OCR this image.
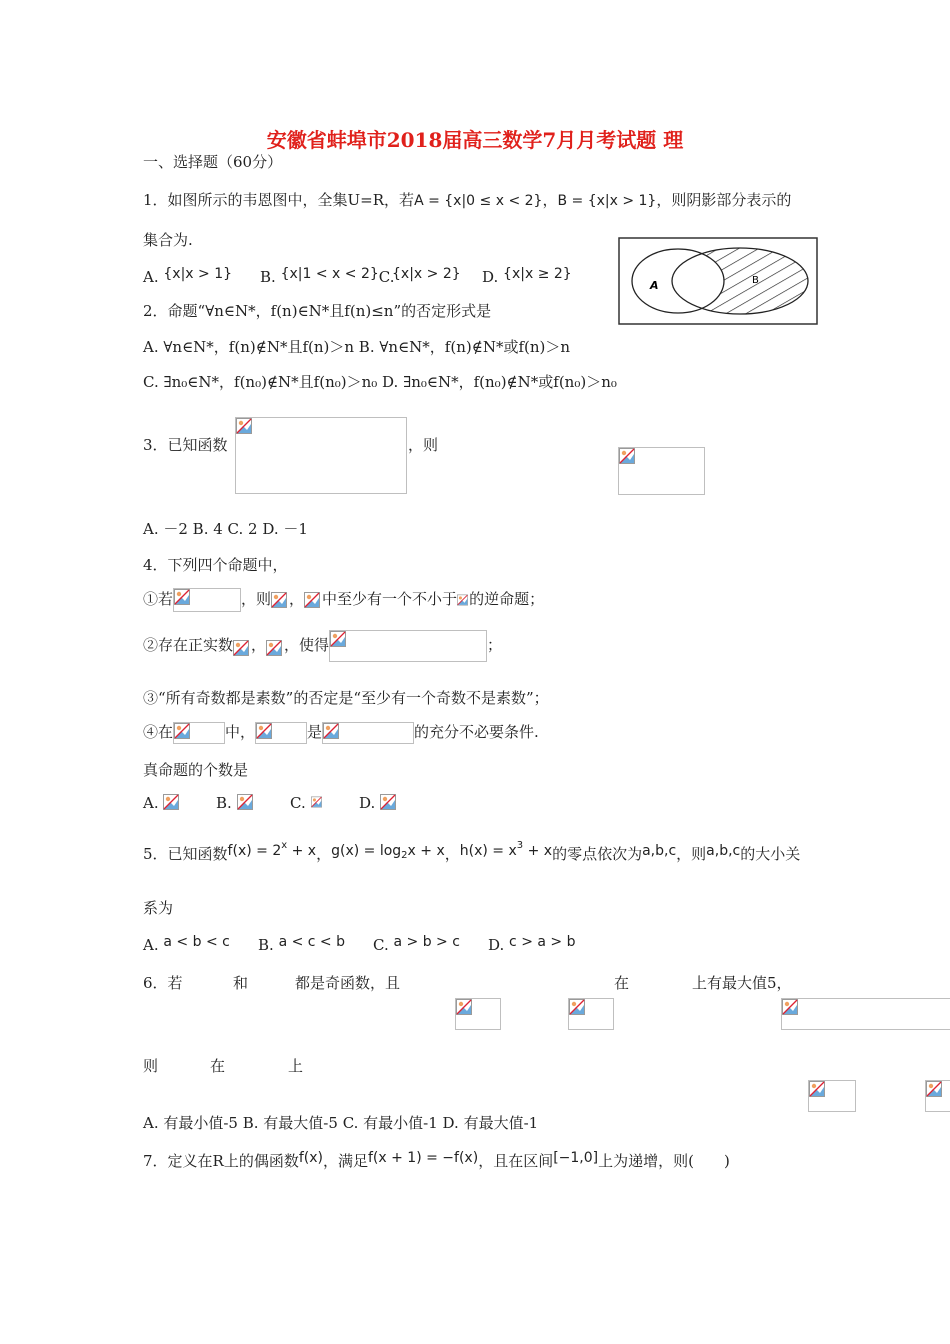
安徽省蚌埠市2018届高三数学7月月考试题 理
一、选择题（60分）
1．如图所示的韦恩图中，全集U=R，若A = {x|0 ≤ x < 2}，B = {x|x > 1}，则阴影部分表示的
集合为.
A. {x|x > 1} B. {x|1 < x < 2}C.
{x|x > 2} D. {x|x ≥ 2}
A	B
2．命题“∀n∈N*，f(n)∈N*且f(n)≤n”的否定形式是
A. ∀n∈N*，f(n)∉N*且f(n)＞n B. ∀n∈N*，f(n)∉N*或f(n)＞n
C. ∃n₀∈N*，f(n₀)∉N*且f(n₀)＞n₀ D. ∃n₀∈N*，f(n₀)∉N*或f(n₀)＞n₀
3．已知函数
	，则

A. －2 B. 4 C. 2 D. －1
4．下列四个命题中，
①若	，则 ， 中至少有一个不小于 的逆命题；
②存在正实数 ， ，使得	；
③“所有奇数都是素数”的否定是“至少有一个奇数不是素数”；
④在	中，	是	的充分不必要条件.
真命题的个数是
A.	B.	C.	D.
5．已知函数$f(x) = 2^x + x$，$g(x) = \log_2x + x$，$h(x) = x^3 + x$的零点依次为a,b,c，则a,b,c的大小关
系为
A. a < b < c B. a < c < b C. a > b > c D. c > a > b
6．若
	和
	都是奇函数，且
	在
	上有最大值5，
则
	在	上
A. 有最小值-5 B. 有最大值-5 C. 有最小值-1 D. 有最大值-1
7．定义在R上的偶函数f(x)，满足f(x + 1) = −f(x)，且在区间[−1,0]上为递增，则(　　)
